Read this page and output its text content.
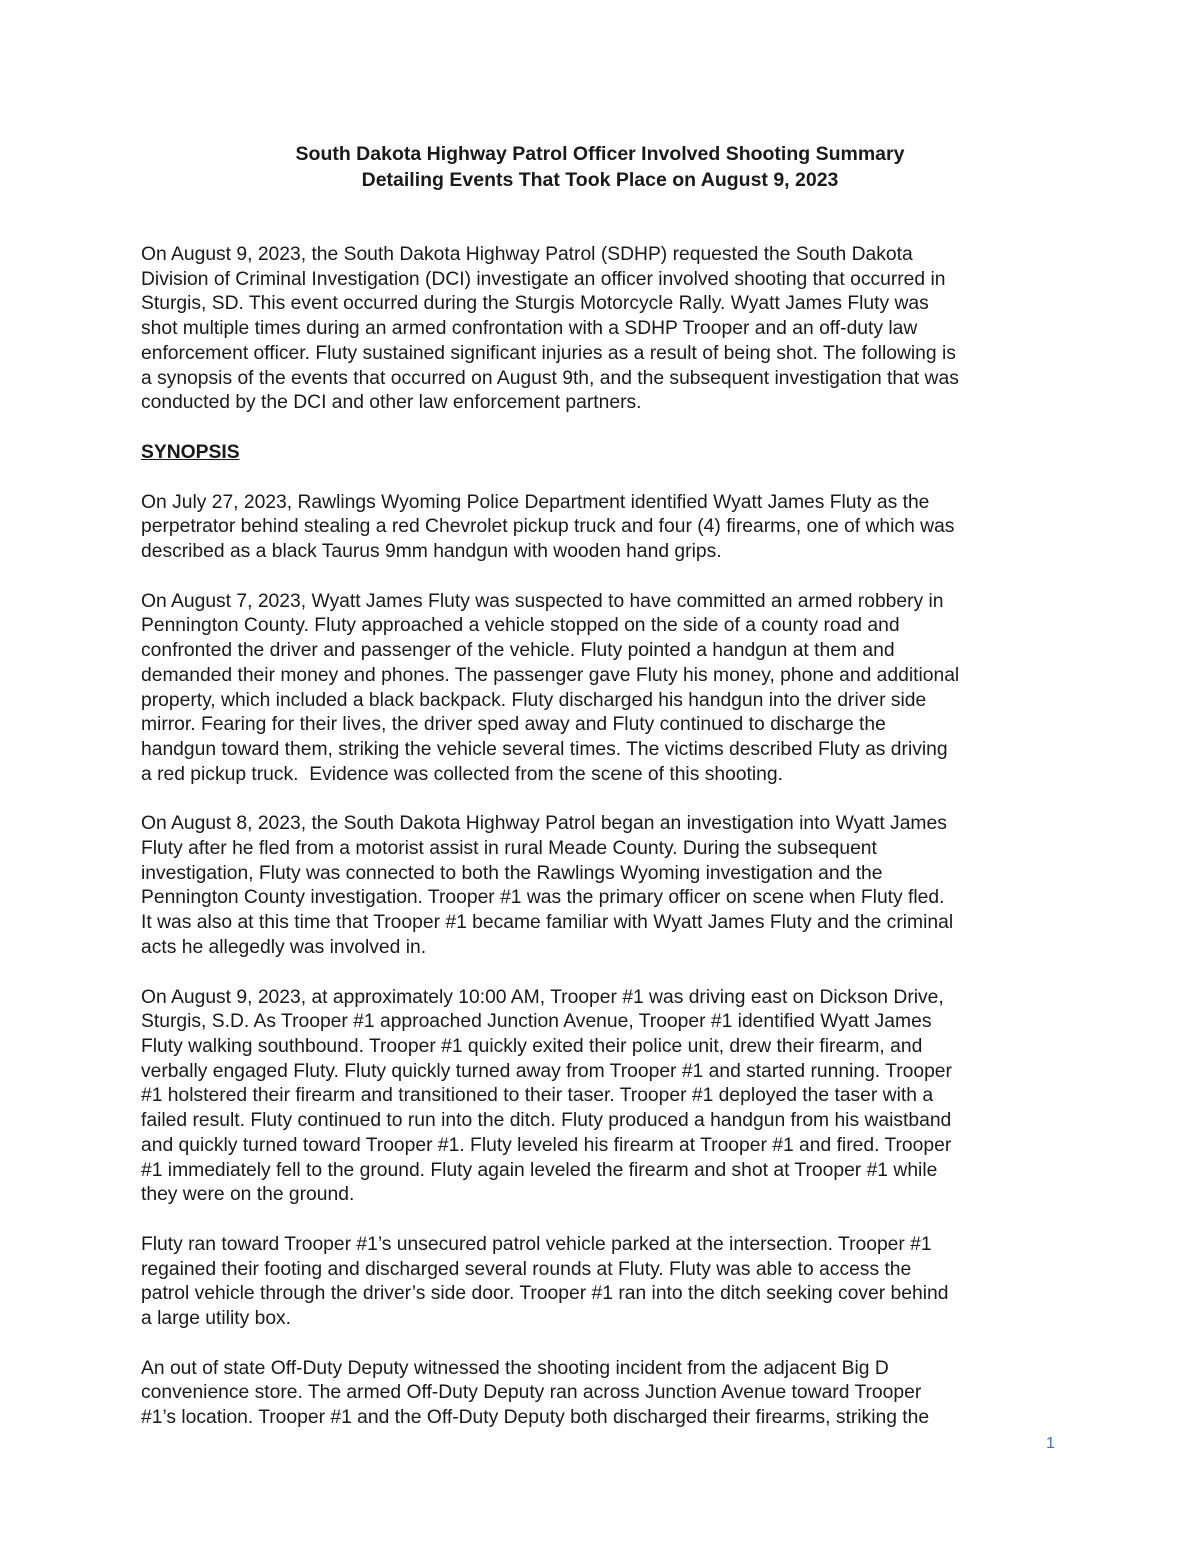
South Dakota Highway Patrol Officer Involved Shooting Summary
Detailing Events That Took Place on August 9, 2023

On August 9, 2023, the South Dakota Highway Patrol (SDHP) requested the South Dakota
Division of Criminal Investigation (DCI) investigate an officer involved shooting that occurred in
Sturgis, SD. This event occurred during the Sturgis Motorcycle Rally. Wyatt James Fluty was
shot multiple times during an armed confrontation with a SDHP Trooper and an off-duty law
enforcement officer. Fluty sustained significant injuries as a result of being shot. The following is
a synopsis of the events that occurred on August 9th, and the subsequent investigation that was
conducted by the DCI and other law enforcement partners.

SYNOPSIS

On July 27, 2023, Rawlings Wyoming Police Department identified Wyatt James Fluty as the
perpetrator behind stealing a red Chevrolet pickup truck and four (4) firearms, one of which was
described as a black Taurus 9mm handgun with wooden hand grips.

On August 7, 2023, Wyatt James Fluty was suspected to have committed an armed robbery in
Pennington County. Fluty approached a vehicle stopped on the side of a county road and
confronted the driver and passenger of the vehicle. Fluty pointed a handgun at them and
demanded their money and phones. The passenger gave Fluty his money, phone and additional
property, which included a black backpack. Fluty discharged his handgun into the driver side
mirror. Fearing for their lives, the driver sped away and Fluty continued to discharge the
handgun toward them, striking the vehicle several times. The victims described Fluty as driving
a red pickup truck.  Evidence was collected from the scene of this shooting.

On August 8, 2023, the South Dakota Highway Patrol began an investigation into Wyatt James
Fluty after he fled from a motorist assist in rural Meade County. During the subsequent
investigation, Fluty was connected to both the Rawlings Wyoming investigation and the
Pennington County investigation. Trooper #1 was the primary officer on scene when Fluty fled.
It was also at this time that Trooper #1 became familiar with Wyatt James Fluty and the criminal
acts he allegedly was involved in.

On August 9, 2023, at approximately 10:00 AM, Trooper #1 was driving east on Dickson Drive,
Sturgis, S.D. As Trooper #1 approached Junction Avenue, Trooper #1 identified Wyatt James
Fluty walking southbound. Trooper #1 quickly exited their police unit, drew their firearm, and
verbally engaged Fluty. Fluty quickly turned away from Trooper #1 and started running. Trooper
#1 holstered their firearm and transitioned to their taser. Trooper #1 deployed the taser with a
failed result. Fluty continued to run into the ditch. Fluty produced a handgun from his waistband
and quickly turned toward Trooper #1. Fluty leveled his firearm at Trooper #1 and fired. Trooper
#1 immediately fell to the ground. Fluty again leveled the firearm and shot at Trooper #1 while
they were on the ground.

Fluty ran toward Trooper #1’s unsecured patrol vehicle parked at the intersection. Trooper #1
regained their footing and discharged several rounds at Fluty. Fluty was able to access the
patrol vehicle through the driver’s side door. Trooper #1 ran into the ditch seeking cover behind
a large utility box.

An out of state Off-Duty Deputy witnessed the shooting incident from the adjacent Big D
convenience store. The armed Off-Duty Deputy ran across Junction Avenue toward Trooper
#1’s location. Trooper #1 and the Off-Duty Deputy both discharged their firearms, striking the

1
